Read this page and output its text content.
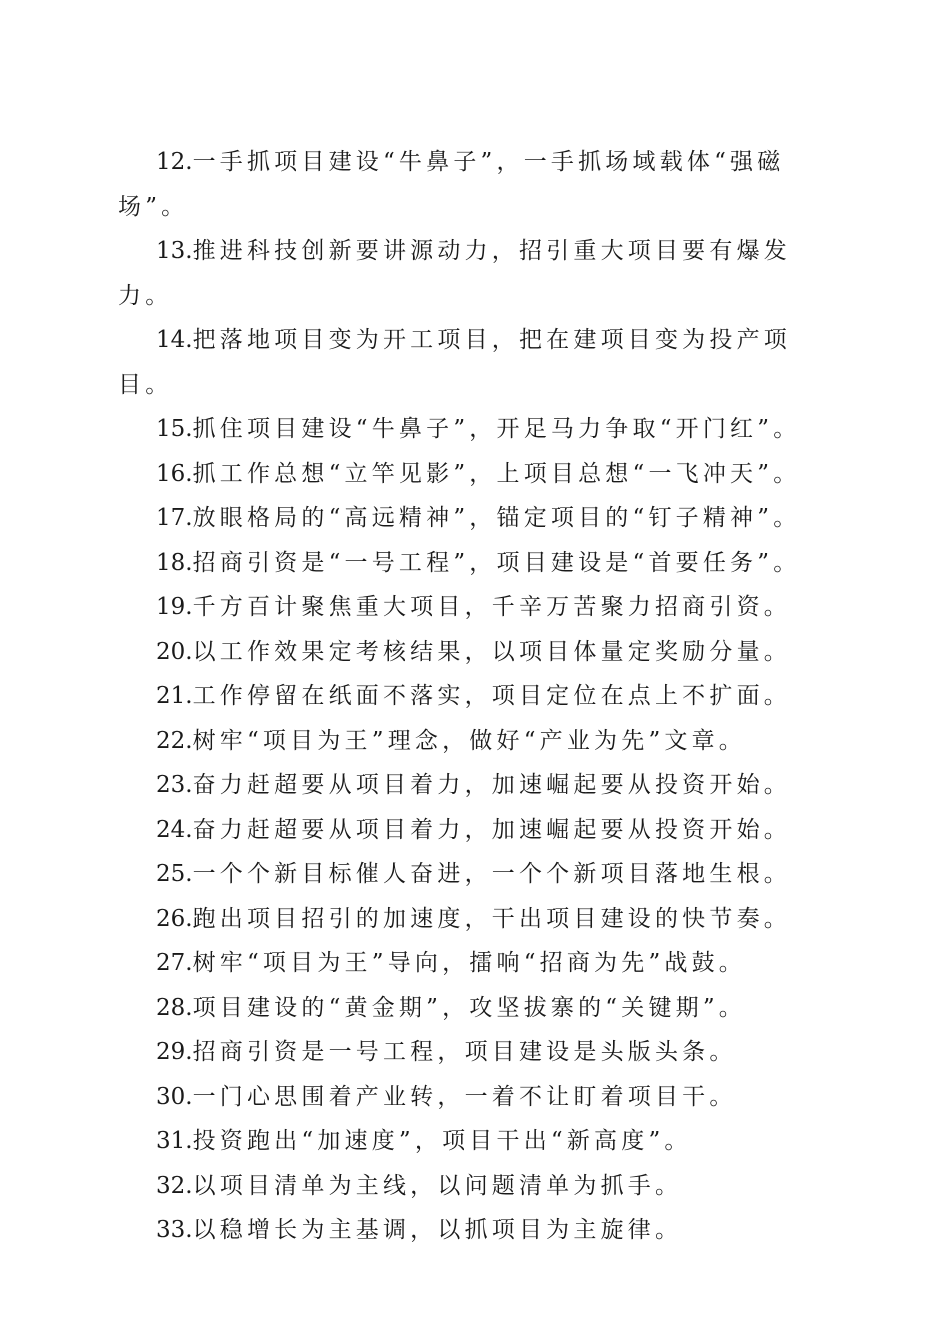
12.一手抓项目建设“牛鼻子”，一手抓场域载体“强磁场”。

13.推进科技创新要讲源动力，招引重大项目要有爆发力。

14.把落地项目变为开工项目，把在建项目变为投产项目。

15.抓住项目建设“牛鼻子”，开足马力争取“开门红”。

16.抓工作总想“立竿见影”，上项目总想“一飞冲天”。

17.放眼格局的“高远精神”，锚定项目的“钉子精神”。

18.招商引资是“一号工程”，项目建设是“首要任务”。

19.千方百计聚焦重大项目，千辛万苦聚力招商引资。

20.以工作效果定考核结果，以项目体量定奖励分量。

21.工作停留在纸面不落实，项目定位在点上不扩面。

22.树牢“项目为王”理念，做好“产业为先”文章。

23.奋力赶超要从项目着力，加速崛起要从投资开始。

24.奋力赶超要从项目着力，加速崛起要从投资开始。

25.一个个新目标催人奋进，一个个新项目落地生根。

26.跑出项目招引的加速度，干出项目建设的快节奏。

27.树牢“项目为王”导向，擂响“招商为先”战鼓。

28.项目建设的“黄金期”，攻坚拔寨的“关键期”。

29.招商引资是一号工程，项目建设是头版头条。

30.一门心思围着产业转，一着不让盯着项目干。

31.投资跑出“加速度”，项目干出“新高度”。

32.以项目清单为主线，以问题清单为抓手。

33.以稳增长为主基调，以抓项目为主旋律。
